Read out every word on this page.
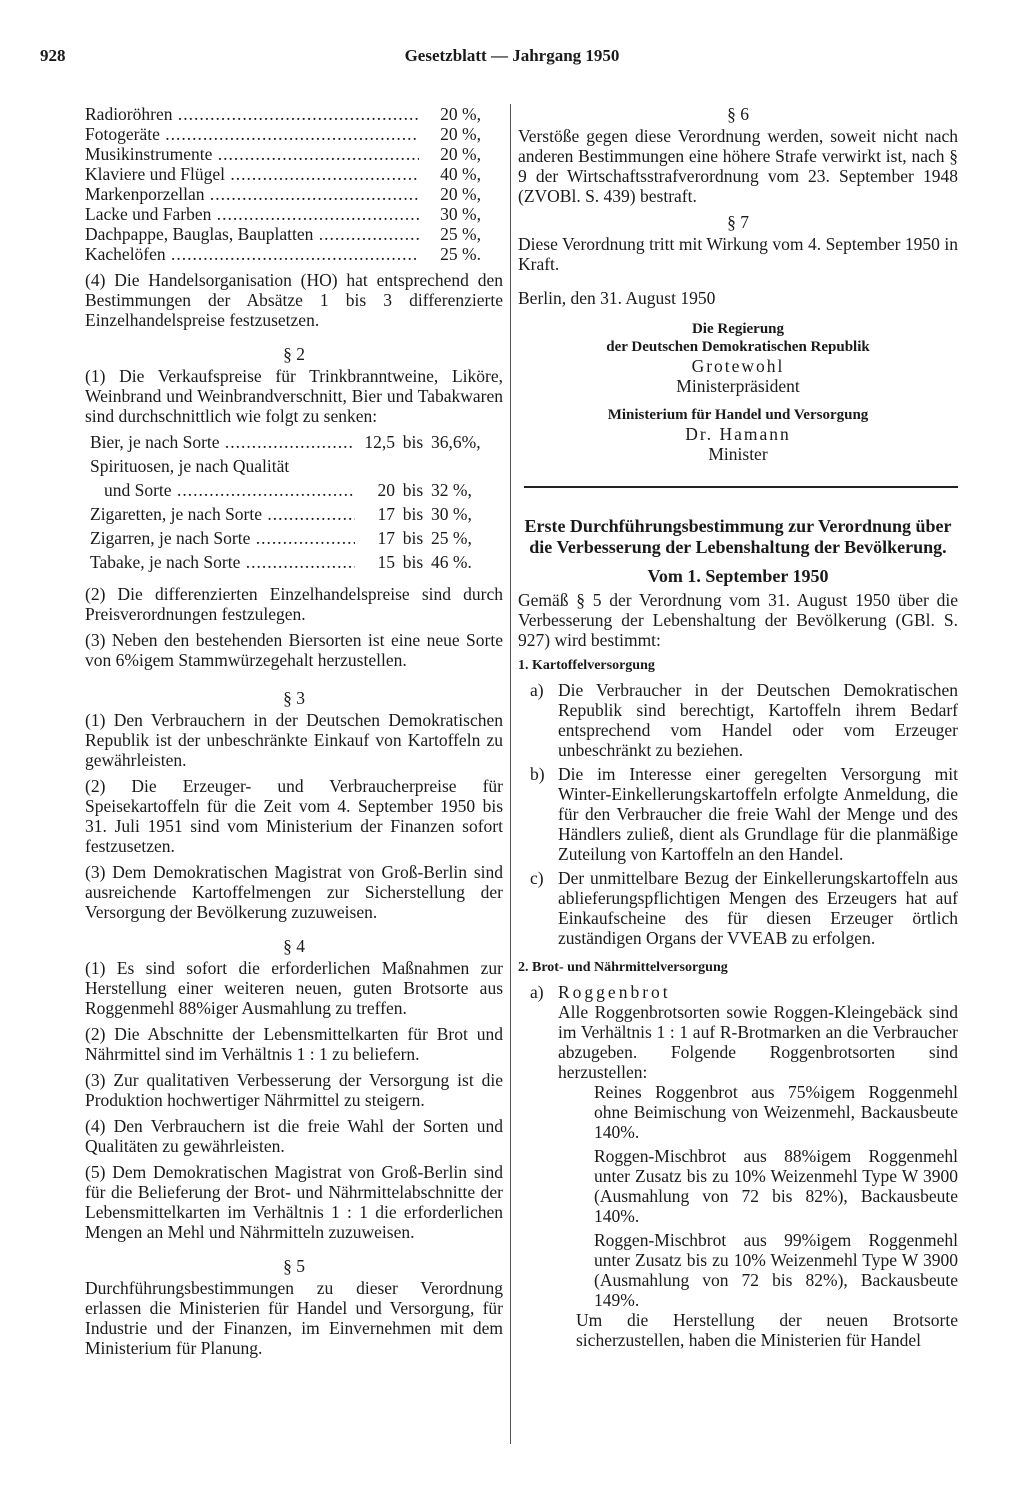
928	Gesetzblatt — Jahrgang 1950
Radioröhren .....	20 %,
Fotogeräte .....	20 %,
Musikinstrumente .....	20 %,
Klaviere und Flügel .....	40 %,
Markenporzellan .....	20 %,
Lacke und Farben .....	30 %,
Dachpappe, Bauglas, Bauplatten .....	25 %,
Kachelöfen .....	25 %.

(4) Die Handelsorganisation (HO) hat entsprechend den Bestimmungen der Absätze 1 bis 3 differenzierte Einzelhandelspreise festzusetzen.

§ 2

(1) Die Verkaufspreise für Trinkbranntweine, Liköre, Weinbrand und Weinbrandverschnitt, Bier und Tabakwaren sind durchschnittlich wie folgt zu senken:

Bier, je nach Sorte .....	12,5 bis 36,6%,
Spirituosen, je nach Qualität
und Sorte .....	20 bis 32 %,
Zigaretten, je nach Sorte .....	17 bis 30 %,
Zigarren, je nach Sorte .....	17 bis 25 %,
Tabake, je nach Sorte .....	15 bis 46 %.

(2) Die differenzierten Einzelhandelspreise sind durch Preisverordnungen festzulegen.

(3) Neben den bestehenden Biersorten ist eine neue Sorte von 6%igem Stammwürzegehalt herzustellen.

§ 3

(1) Den Verbrauchern in der Deutschen Demokratischen Republik ist der unbeschränkte Einkauf von Kartoffeln zu gewährleisten.

(2) Die Erzeuger- und Verbraucherpreise für Speisekartoffeln für die Zeit vom 4. September 1950 bis 31. Juli 1951 sind vom Ministerium der Finanzen sofort festzusetzen.

(3) Dem Demokratischen Magistrat von Groß-Berlin sind ausreichende Kartoffelmengen zur Sicherstellung der Versorgung der Bevölkerung zuzuweisen.

§ 4

(1) Es sind sofort die erforderlichen Maßnahmen zur Herstellung einer weiteren neuen, guten Brotsorte aus Roggenmehl 88%iger Ausmahlung zu treffen.

(2) Die Abschnitte der Lebensmittelkarten für Brot und Nährmittel sind im Verhältnis 1 : 1 zu beliefern.

(3) Zur qualitativen Verbesserung der Versorgung ist die Produktion hochwertiger Nährmittel zu steigern.

(4) Den Verbrauchern ist die freie Wahl der Sorten und Qualitäten zu gewährleisten.

(5) Dem Demokratischen Magistrat von Groß-Berlin sind für die Belieferung der Brot- und Nährmittelabschnitte der Lebensmittelkarten im Verhältnis 1 : 1 die erforderlichen Mengen an Mehl und Nährmitteln zuzuweisen.

§ 5

Durchführungsbestimmungen zu dieser Verordnung erlassen die Ministerien für Handel und Versorgung, für Industrie und der Finanzen, im Einvernehmen mit dem Ministerium für Planung.

§ 6

Verstöße gegen diese Verordnung werden, soweit nicht nach anderen Bestimmungen eine höhere Strafe verwirkt ist, nach § 9 der Wirtschaftsstrafverordnung vom 23. September 1948 (ZVOBl. S. 439) bestraft.

§ 7

Diese Verordnung tritt mit Wirkung vom 4. September 1950 in Kraft.

Berlin, den 31. August 1950

Die Regierung
der Deutschen Demokratischen Republik
Grotewohl
Ministerpräsident
Ministerium für Handel und Versorgung
Dr. Hamann
Minister
Erste Durchführungsbestimmung zur Verordnung über die Verbesserung der Lebenshaltung der Bevölkerung.
Vom 1. September 1950

Gemäß § 5 der Verordnung vom 31. August 1950 über die Verbesserung der Lebenshaltung der Bevölkerung (GBl. S. 927) wird bestimmt:

1. Kartoffelversorgung
a) Die Verbraucher in der Deutschen Demokratischen Republik sind berechtigt, Kartoffeln ihrem Bedarf entsprechend vom Handel oder vom Erzeuger unbeschränkt zu beziehen.
b) Die im Interesse einer geregelten Versorgung mit Winter-Einkellerungskartoffeln erfolgte Anmeldung, die für den Verbraucher die freie Wahl der Menge und des Händlers zuließ, dient als Grundlage für die planmäßige Zuteilung von Kartoffeln an den Handel.
c) Der unmittelbare Bezug der Einkellerungskartoffeln aus ablieferungspflichtigen Mengen des Erzeugers hat auf Einkaufscheine des für diesen Erzeuger örtlich zuständigen Organs der VVEAB zu erfolgen.
2. Brot- und Nährmittelversorgung
a) Roggenbrot

Alle Roggenbrotsorten sowie Roggen-Kleingebäck sind im Verhältnis 1 : 1 auf R-Brotmarken an die Verbraucher abzugeben. Folgende Roggenbrotsorten sind herzustellen:

Reines Roggenbrot aus 75%igem Roggenmehl ohne Beimischung von Weizenmehl, Backausbeute 140%.

Roggen-Mischbrot aus 88%igem Roggenmehl unter Zusatz bis zu 10% Weizenmehl Type W 3900 (Ausmahlung von 72 bis 82%), Backausbeute 140%.

Roggen-Mischbrot aus 99%igem Roggenmehl unter Zusatz bis zu 10% Weizenmehl Type W 3900 (Ausmahlung von 72 bis 82%), Backausbeute 149%.

Um die Herstellung der neuen Brotsorte sicherzustellen, haben die Ministerien für Handel
